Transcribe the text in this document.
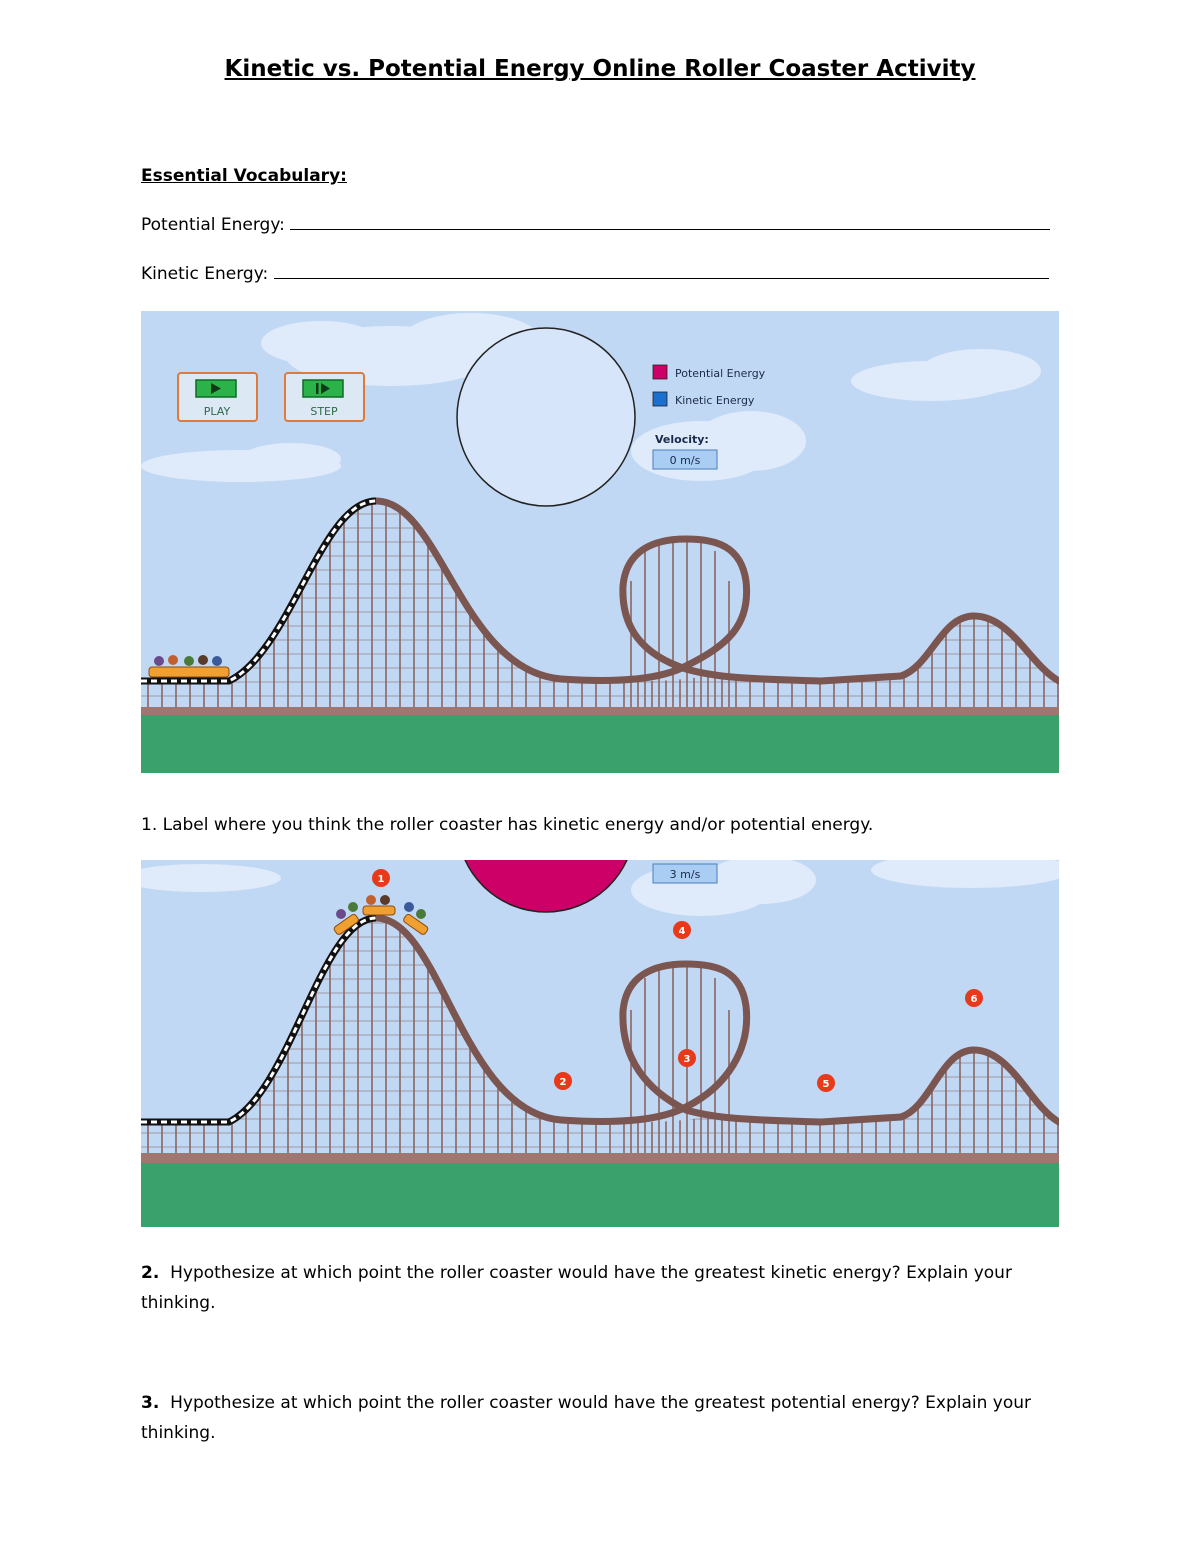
Kinetic vs. Potential Energy Online Roller Coaster Activity
Essential Vocabulary:
Potential Energy:
Kinetic Energy:
PLAY	STEP
Potential Energy
Kinetic Energy
Velocity:
0 m/s
1. Label where you think the roller coaster has kinetic energy and/or potential energy.
3 m/s
1
2
3
4
5
6
2. Hypothesize at which point the roller coaster would have the greatest kinetic energy? Explain your thinking.
3. Hypothesize at which point the roller coaster would have the greatest potential energy? Explain your thinking.
